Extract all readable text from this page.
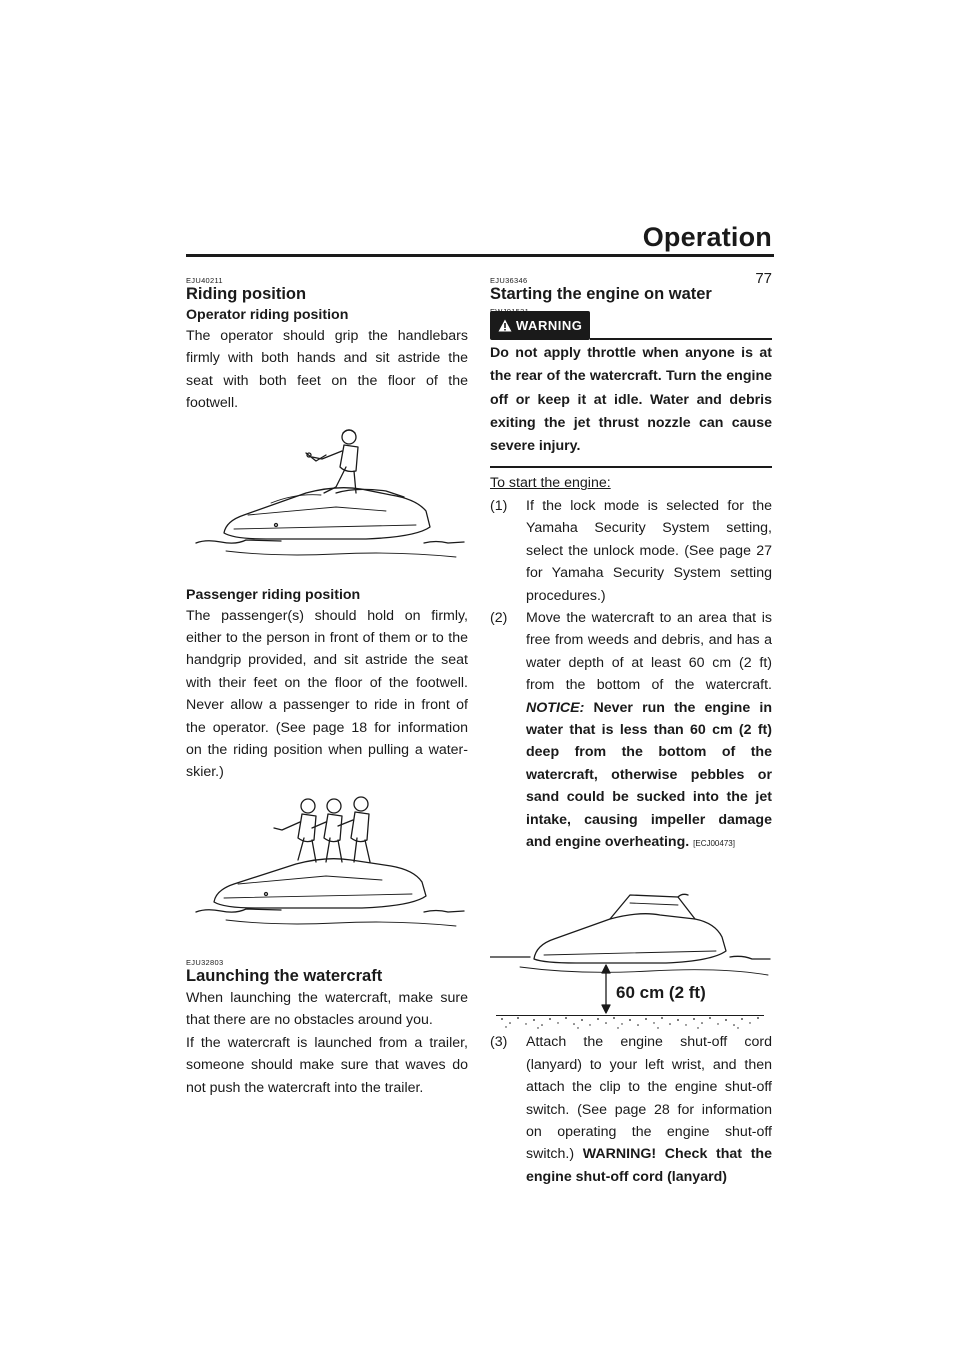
Operation
77
EJU40211
Riding position
Operator riding position

The operator should grip the handlebars firmly with both hands and sit astride the seat with both feet on the floor of the footwell.

Passenger riding position

The passenger(s) should hold on firmly, either to the person in front of them or to the handgrip provided, and sit astride the seat with their feet on the floor of the footwell. Never allow a passenger to ride in front of the operator. (See page 18 for information on the riding position when pulling a water-skier.)

EJU32803
Launching the watercraft

When launching the watercraft, make sure that there are no obstacles around you.

If the watercraft is launched from a trailer, someone should make sure that waves do not push the watercraft into the trailer.

EJU36346
Starting the engine on water
WARNING
Do not apply throttle when anyone is at the rear of the watercraft. Turn the engine off or keep it at idle. Water and debris exiting the jet thrust nozzle can cause severe injury.

To start the engine:

(1)	If the lock mode is selected for the Yamaha Security System setting, select the unlock mode. (See page 27 for Yamaha Security System setting procedures.)
(2)	Move the watercraft to an area that is free from weeds and debris, and has a water depth of at least 60 cm (2 ft) from the bottom of the watercraft. NOTICE: Never run the engine in water that is less than 60 cm (2 ft) deep from the bottom of the watercraft, otherwise pebbles or sand could be sucked into the jet intake, causing impeller damage and engine overheating. [ECJ00473]
60 cm (2 ft)
(3)	Attach the engine shut-off cord (lanyard) to your left wrist, and then attach the clip to the engine shut-off switch. (See page 28 for information on operating the engine shut-off switch.) WARNING! Check that the engine shut-off cord (lanyard)
